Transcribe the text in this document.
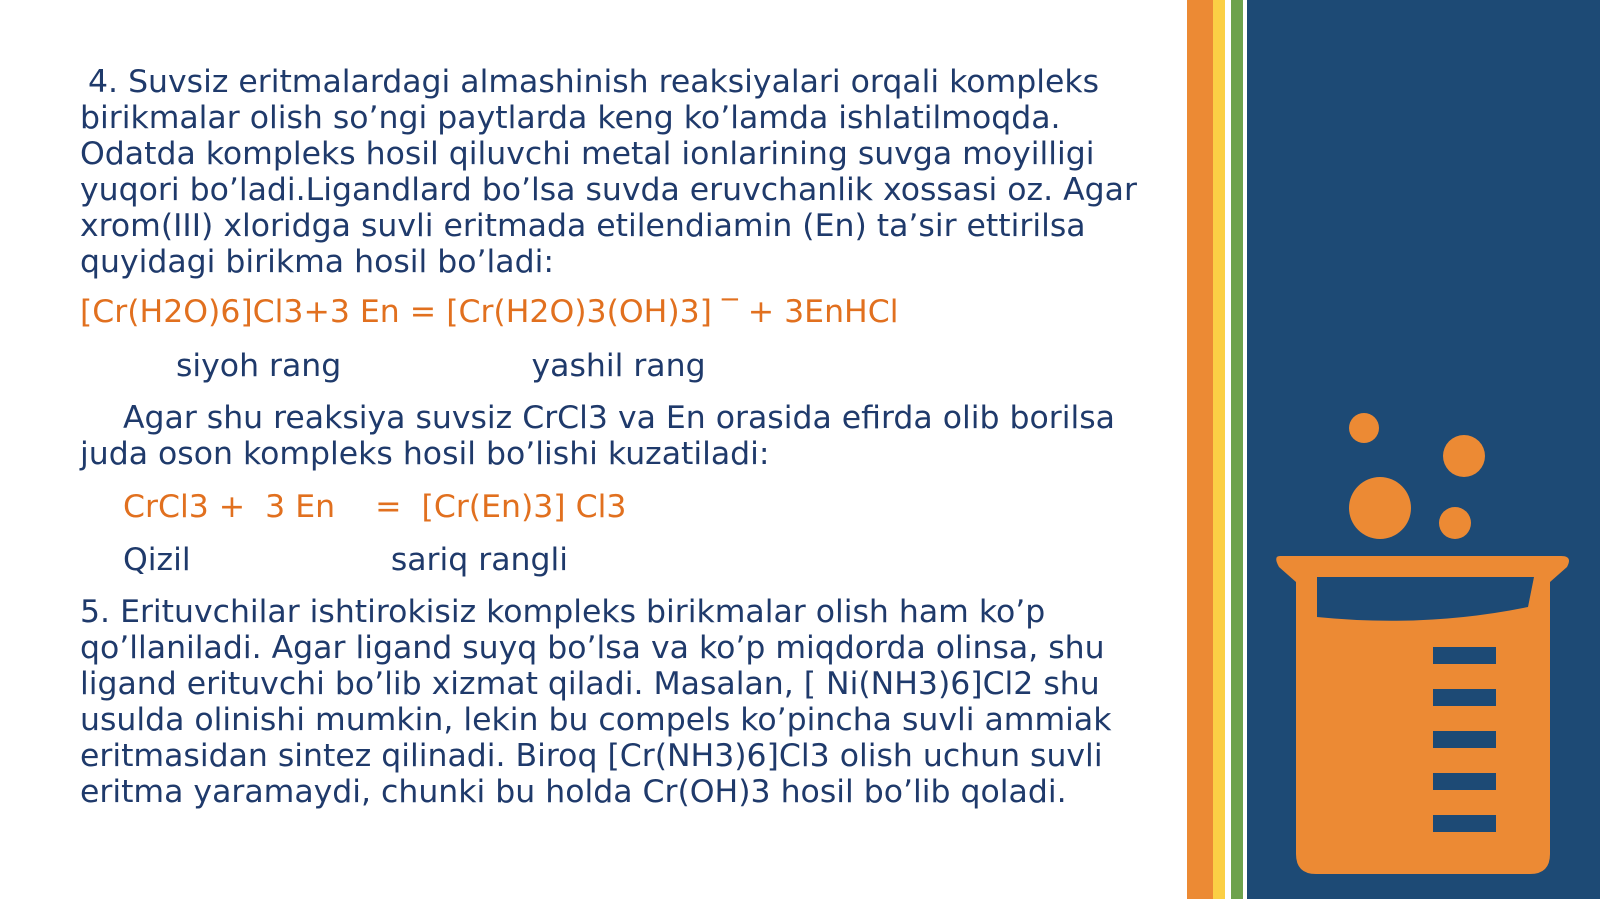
4. Suvsiz eritmalardagi almashinish reaksiyalari orqali kompleks birikmalar olish so’ngi paytlarda keng ko’lamda ishlatilmoqda. Odatda kompleks hosil qiluvchi metal ionlarining suvga moyilligi yuqori bo’ladi.Ligandlard bo’lsa suvda eruvchanlik xossasi oz. Agar xrom(III) xloridga suvli eritmada etilendiamin (En) ta’sir ettirilsa quyidagi birikma hosil bo’ladi:

[Cr(H2O)6]Cl3+3 En = [Cr(H2O)3(OH)3] ‾ + 3EnHCl

siyoh rang                   yashil rang

Agar shu reaksiya suvsiz CrCl3 va En orasida efirda olib borilsa juda oson kompleks hosil bo’lishi kuzatiladi:

CrCl3 +  3 En    =  [Cr(En)3] Cl3

Qizil                    sariq rangli

5. Erituvchilar ishtirokisiz kompleks birikmalar olish ham ko’p qo’llaniladi. Agar ligand suyq bo’lsa va ko’p miqdorda olinsa, shu ligand erituvchi bo’lib xizmat qiladi. Masalan, [ Ni(NH3)6]Cl2 shu usulda olinishi mumkin, lekin bu compels ko’pincha suvli ammiak eritmasidan sintez qilinadi. Biroq [Cr(NH3)6]Cl3 olish uchun suvli eritma yaramaydi, chunki bu holda Cr(OH)3 hosil bo’lib qoladi.
